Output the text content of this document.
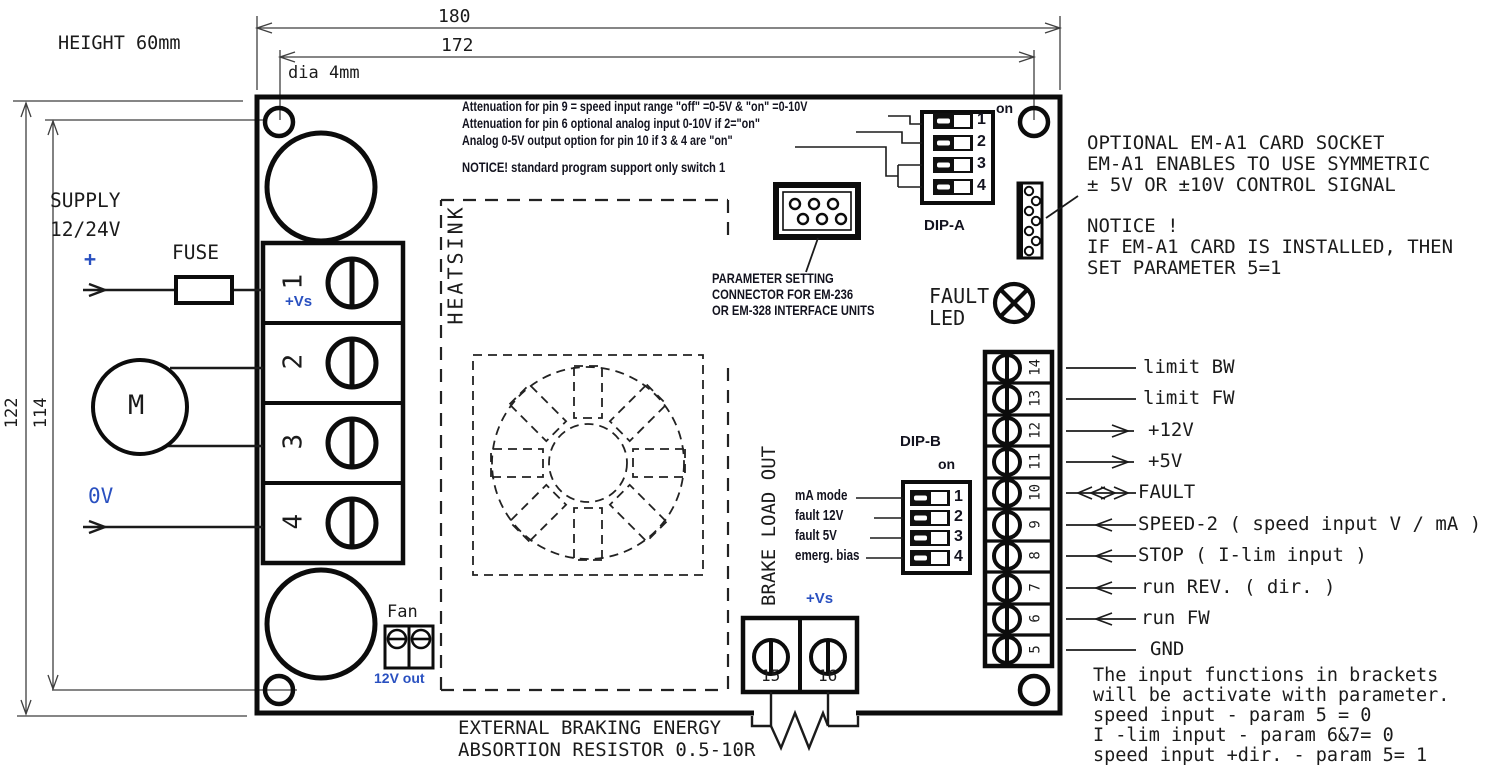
HEIGHT 60mm
180
172
dia 4mm
122 114
SUPPLY
12/24V
+	FUSE
M
0V
1
2
3
4
+Vs
Fan
12V out
HEATSINK
Attenuation for pin 9 = speed input range "off" =0-5V & "on" =0-10V
Attenuation for pin 6 optional analog input 0-10V if 2="on"
Analog 0-5V output option for pin 10 if 3 & 4 are "on"
NOTICE! standard program support only switch 1
on
1
2
3
4
DIP-A
PARAMETER SETTING
CONNECTOR FOR EM-236
OR EM-328 INTERFACE UNITS
FAULT
LED
OPTIONAL EM-A1 CARD SOCKET
EM-A1 ENABLES TO USE SYMMETRIC
± 5V OR ±10V CONTROL SIGNAL
NOTICE !
IF EM-A1 CARD IS INSTALLED, THEN
SET PARAMETER 5=1
DIP-B
on
1
2
3
4
mA mode
fault 12V
fault 5V
emerg. bias
BRAKE LOAD OUT +Vs
15 16
14
13
12
11
10
9
8
7
6
5
limit BW
limit FW
+12V
+5V
FAULT
SPEED-2 ( speed input V / mA )
STOP ( I-lim input )
run REV. ( dir. )
run FW
GND
EXTERNAL BRAKING ENERGY
ABSORTION RESISTOR 0.5-10R
The input functions in brackets
will be activate with parameter.
speed input - param 5 = 0
I -lim input - param 6&7= 0
speed input +dir. - param 5= 1
